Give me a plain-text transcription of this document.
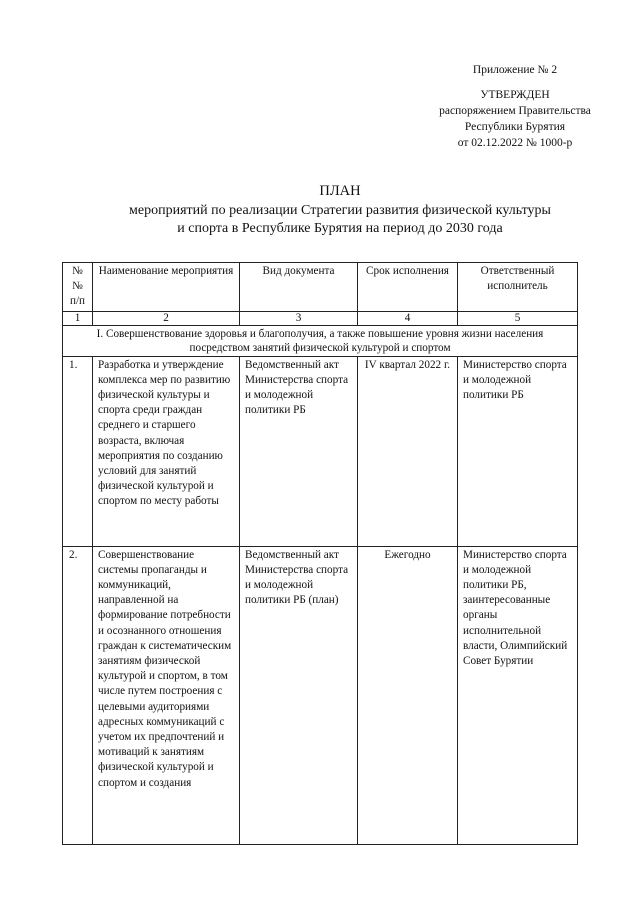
Приложение № 2
УТВЕРЖДЕН
распоряжением Правительства
Республики Бурятия
от 02.12.2022 № 1000-р
ПЛАН
мероприятий по реализации Стратегии развития физической культуры
и спорта в Республике Бурятия на период до 2030 года
№№ п/п	Наименование мероприятия	Вид документа	Срок исполнения	Ответственный исполнитель
1	2	3	4	5
I. Совершенствование здоровья и благополучия, а также повышение уровня жизни населения посредством занятий физической культурой и спортом				
1.	Разработка и утверждение комплекса мер по развитию физической культуры и спорта среди граждан среднего и старшего возраста, включая мероприятия по созданию условий для занятий физической культурой и спортом по месту работы	Ведомственный акт Министерства спорта и молодежной политики РБ	IV квартал 2022 г.	Министерство спорта и молодежной политики РБ
2.	Совершенствование системы пропаганды и коммуникаций, направленной на формирование потребности и осознанного отношения граждан к систематическим занятиям физической культурой и спортом, в том числе путем построения с целевыми аудиториями адресных коммуникаций с учетом их предпочтений и мотиваций к занятиям физической культурой и спортом и создания	Ведомственный акт Министерства спорта и молодежной политики РБ (план)	Ежегодно	Министерство спорта и молодежной политики РБ, заинтересованные органы исполнительной власти, Олимпийский Совет Бурятии
